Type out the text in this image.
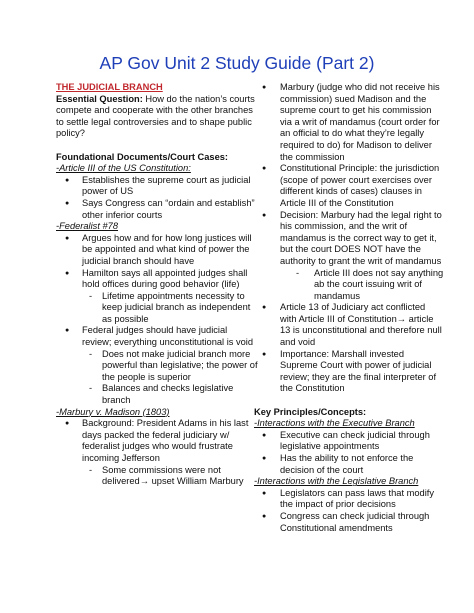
AP Gov Unit 2 Study Guide (Part 2)
THE JUDICIAL BRANCH
Essential Question: How do the nation’s courts compete and cooperate with the other branches to settle legal controversies and to shape public policy?
Foundational Documents/Court Cases:
-Article III of the US Constitution:
● Establishes the supreme court as judicial power of US
● Says Congress can “ordain and establish” other inferior courts
-Federalist #78
● Argues how and for how long justices will be appointed and what kind of power the judicial branch should have
● Hamilton says all appointed judges shall hold offices during good behavior (life)
- Lifetime appointments necessity to keep judicial branch as independent as possible
● Federal judges should have judicial review; everything unconstitutional is void
- Does not make judicial branch more powerful than legislative; the power of the people is superior
- Balances and checks legislative branch
-Marbury v. Madison (1803)
● Background: President Adams in his last days packed the federal judiciary w/ federalist judges who would frustrate incoming Jefferson
- Some commissions were not delivered→ upset William Marbury
● Marbury (judge who did not receive his commission) sued Madison and the supreme court to get his commission via a writ of mandamus (court order for an official to do what they’re legally required to do) for Madison to deliver the commission
● Constitutional Principle: the jurisdiction (scope of power court exercises over different kinds of cases) clauses in Article III of the Constitution
● Decision: Marbury had the legal right to his commission, and the writ of mandamus is the correct way to get it, but the court DOES NOT have the authority to grant the writ of mandamus
- Article III does not say anything ab the court issuing writ of mandamus
● Article 13 of Judiciary act conflicted with Article III of Constitution→ article 13 is unconstitutional and therefore null and void
● Importance: Marshall invested Supreme Court with power of judicial review; they are the final interpreter of the Constitution
Key Principles/Concepts:
-Interactions with the Executive Branch
● Executive can check judicial through legislative appointments
● Has the ability to not enforce the decision of the court
-Interactions with the Legislative Branch
● Legislators can pass laws that modify the impact of prior decisions
● Congress can check judicial through Constitutional amendments
